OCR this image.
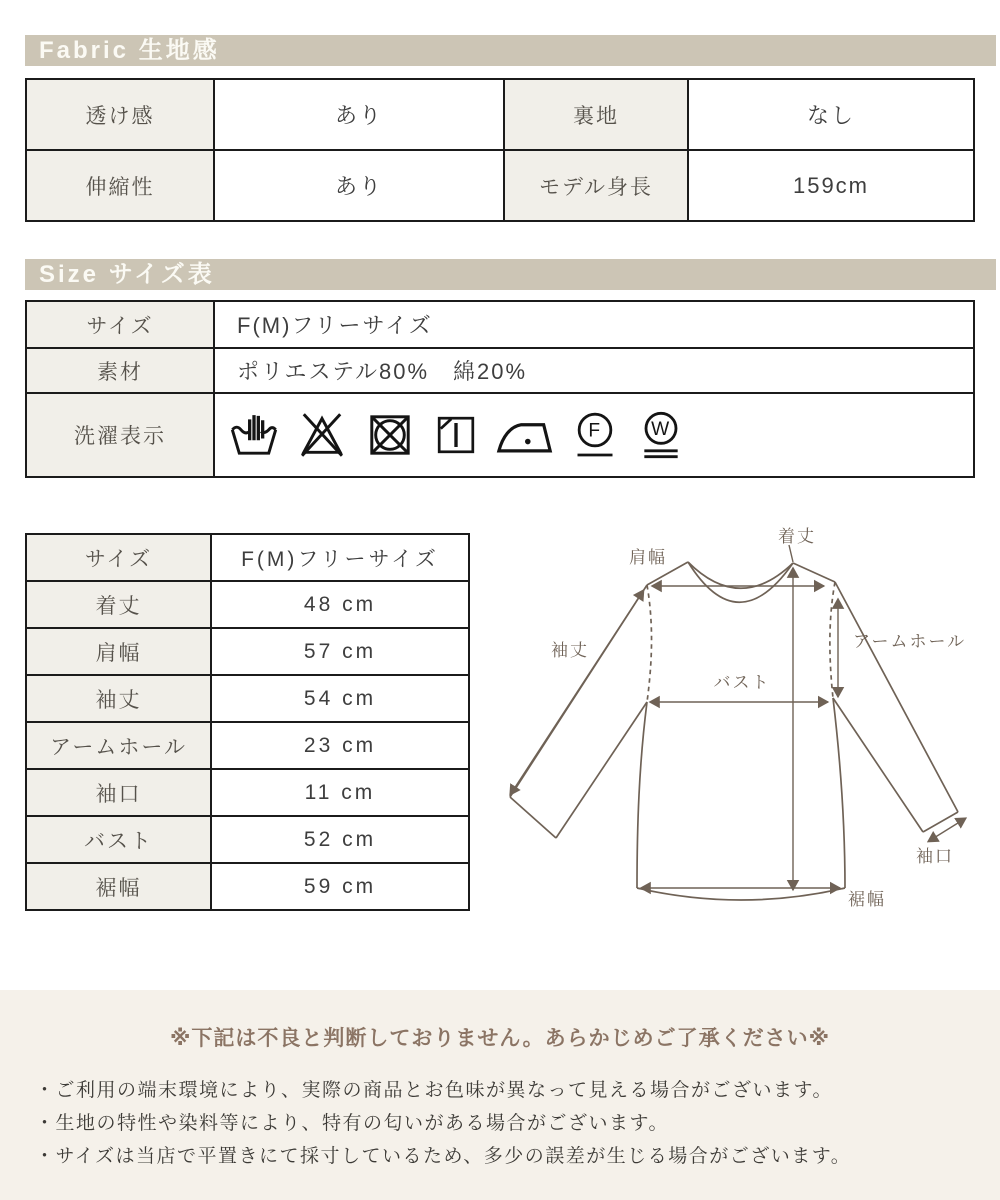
Fabric 生地感
透け感	あり	裏地	なし
伸縮性	あり	モデル身長	159cm
Size サイズ表
サイズ	F(M)フリーサイズ
素材	ポリエステル80%　綿20%
洗濯表示	F W
サイズ	F(M)フリーサイズ
着丈	48 cm
肩幅	57 cm
袖丈	54 cm
アームホール	23 cm
袖口	11 cm
バスト	52 cm
裾幅	59 cm
着丈
肩幅
袖丈	アームホール
バスト
袖口
裾幅
※下記は不良と判断しておりません。あらかじめご了承ください※
・ご利用の端末環境により、実際の商品とお色味が異なって見える場合がございます。
・生地の特性や染料等により、特有の匂いがある場合がございます。
・サイズは当店で平置きにて採寸しているため、多少の誤差が生じる場合がございます。
